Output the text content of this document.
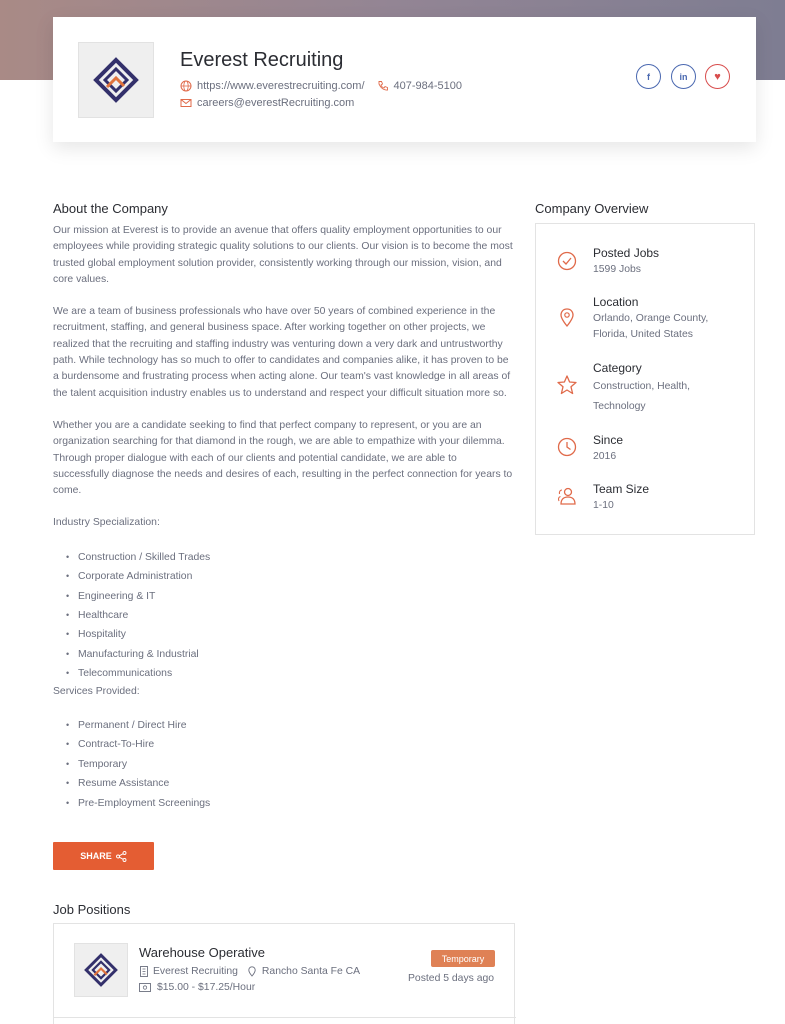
Everest Recruiting
https://www.everestrecruiting.com/	407-984-5100
careers@everestRecruiting.com
f	in ♥
About the Company

Our mission at Everest is to provide an avenue that offers quality employment opportunities to our employees while providing strategic quality solutions to our clients. Our vision is to become the most trusted global employment solution provider, consistently working through our mission, vision, and core values.

We are a team of business professionals who have over 50 years of combined experience in the recruitment, staffing, and general business space. After working together on other projects, we realized that the recruiting and staffing industry was venturing down a very dark and untrustworthy path. While technology has so much to offer to candidates and companies alike, it has proven to be a burdensome and frustrating process when acting alone. Our team's vast knowledge in all areas of the talent acquisition industry enables us to understand and respect your difficult situation more so.

Whether you are a candidate seeking to find that perfect company to represent, or you are an organization searching for that diamond in the rough, we are able to empathize with your dilemma. Through proper dialogue with each of our clients and potential candidate, we are able to successfully diagnose the needs and desires of each, resulting in the perfect connection for years to come.

Industry Specialization:
• Construction / Skilled Trades
• Corporate Administration
• Engineering & IT
• Healthcare
• Hospitality
• Manufacturing & Industrial
• Telecommunications
Services Provided:
• Permanent / Direct Hire
• Contract-To-Hire
• Temporary
• Resume Assistance
• Pre-Employment Screenings
SHARE
Company Overview
Posted Jobs
1599 Jobs
Location
Orlando, Orange County, Florida, United States
Category
Construction, Health, Technology
Since
2016
Team Size
1-10
Job Positions
Warehouse Operative
Everest Recruiting Rancho Santa Fe CA
$15.00 - $17.25/Hour
Temporary
Posted 5 days ago
